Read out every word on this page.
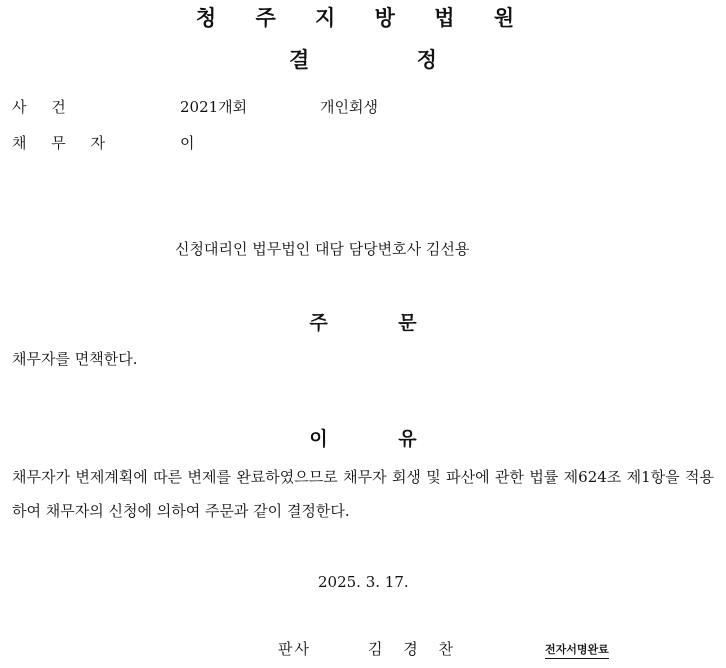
청 주 지 방 법 원
결 정
사 건	2021개회	개인회생
채 무 자	이
신청대리인 법무법인 대담 담당변호사 김선용
주 문
채무자를 면책한다.
이 유
채무자가 변제계획에 따른 변제를 완료하였으므로 채무자 회생 및 파산에 관한 법률 제624조 제1항을 적용하여 채무자의 신청에 의하여 주문과 같이 결정한다.
2025. 3. 17.
판사	김 경 찬	전자서명완료
